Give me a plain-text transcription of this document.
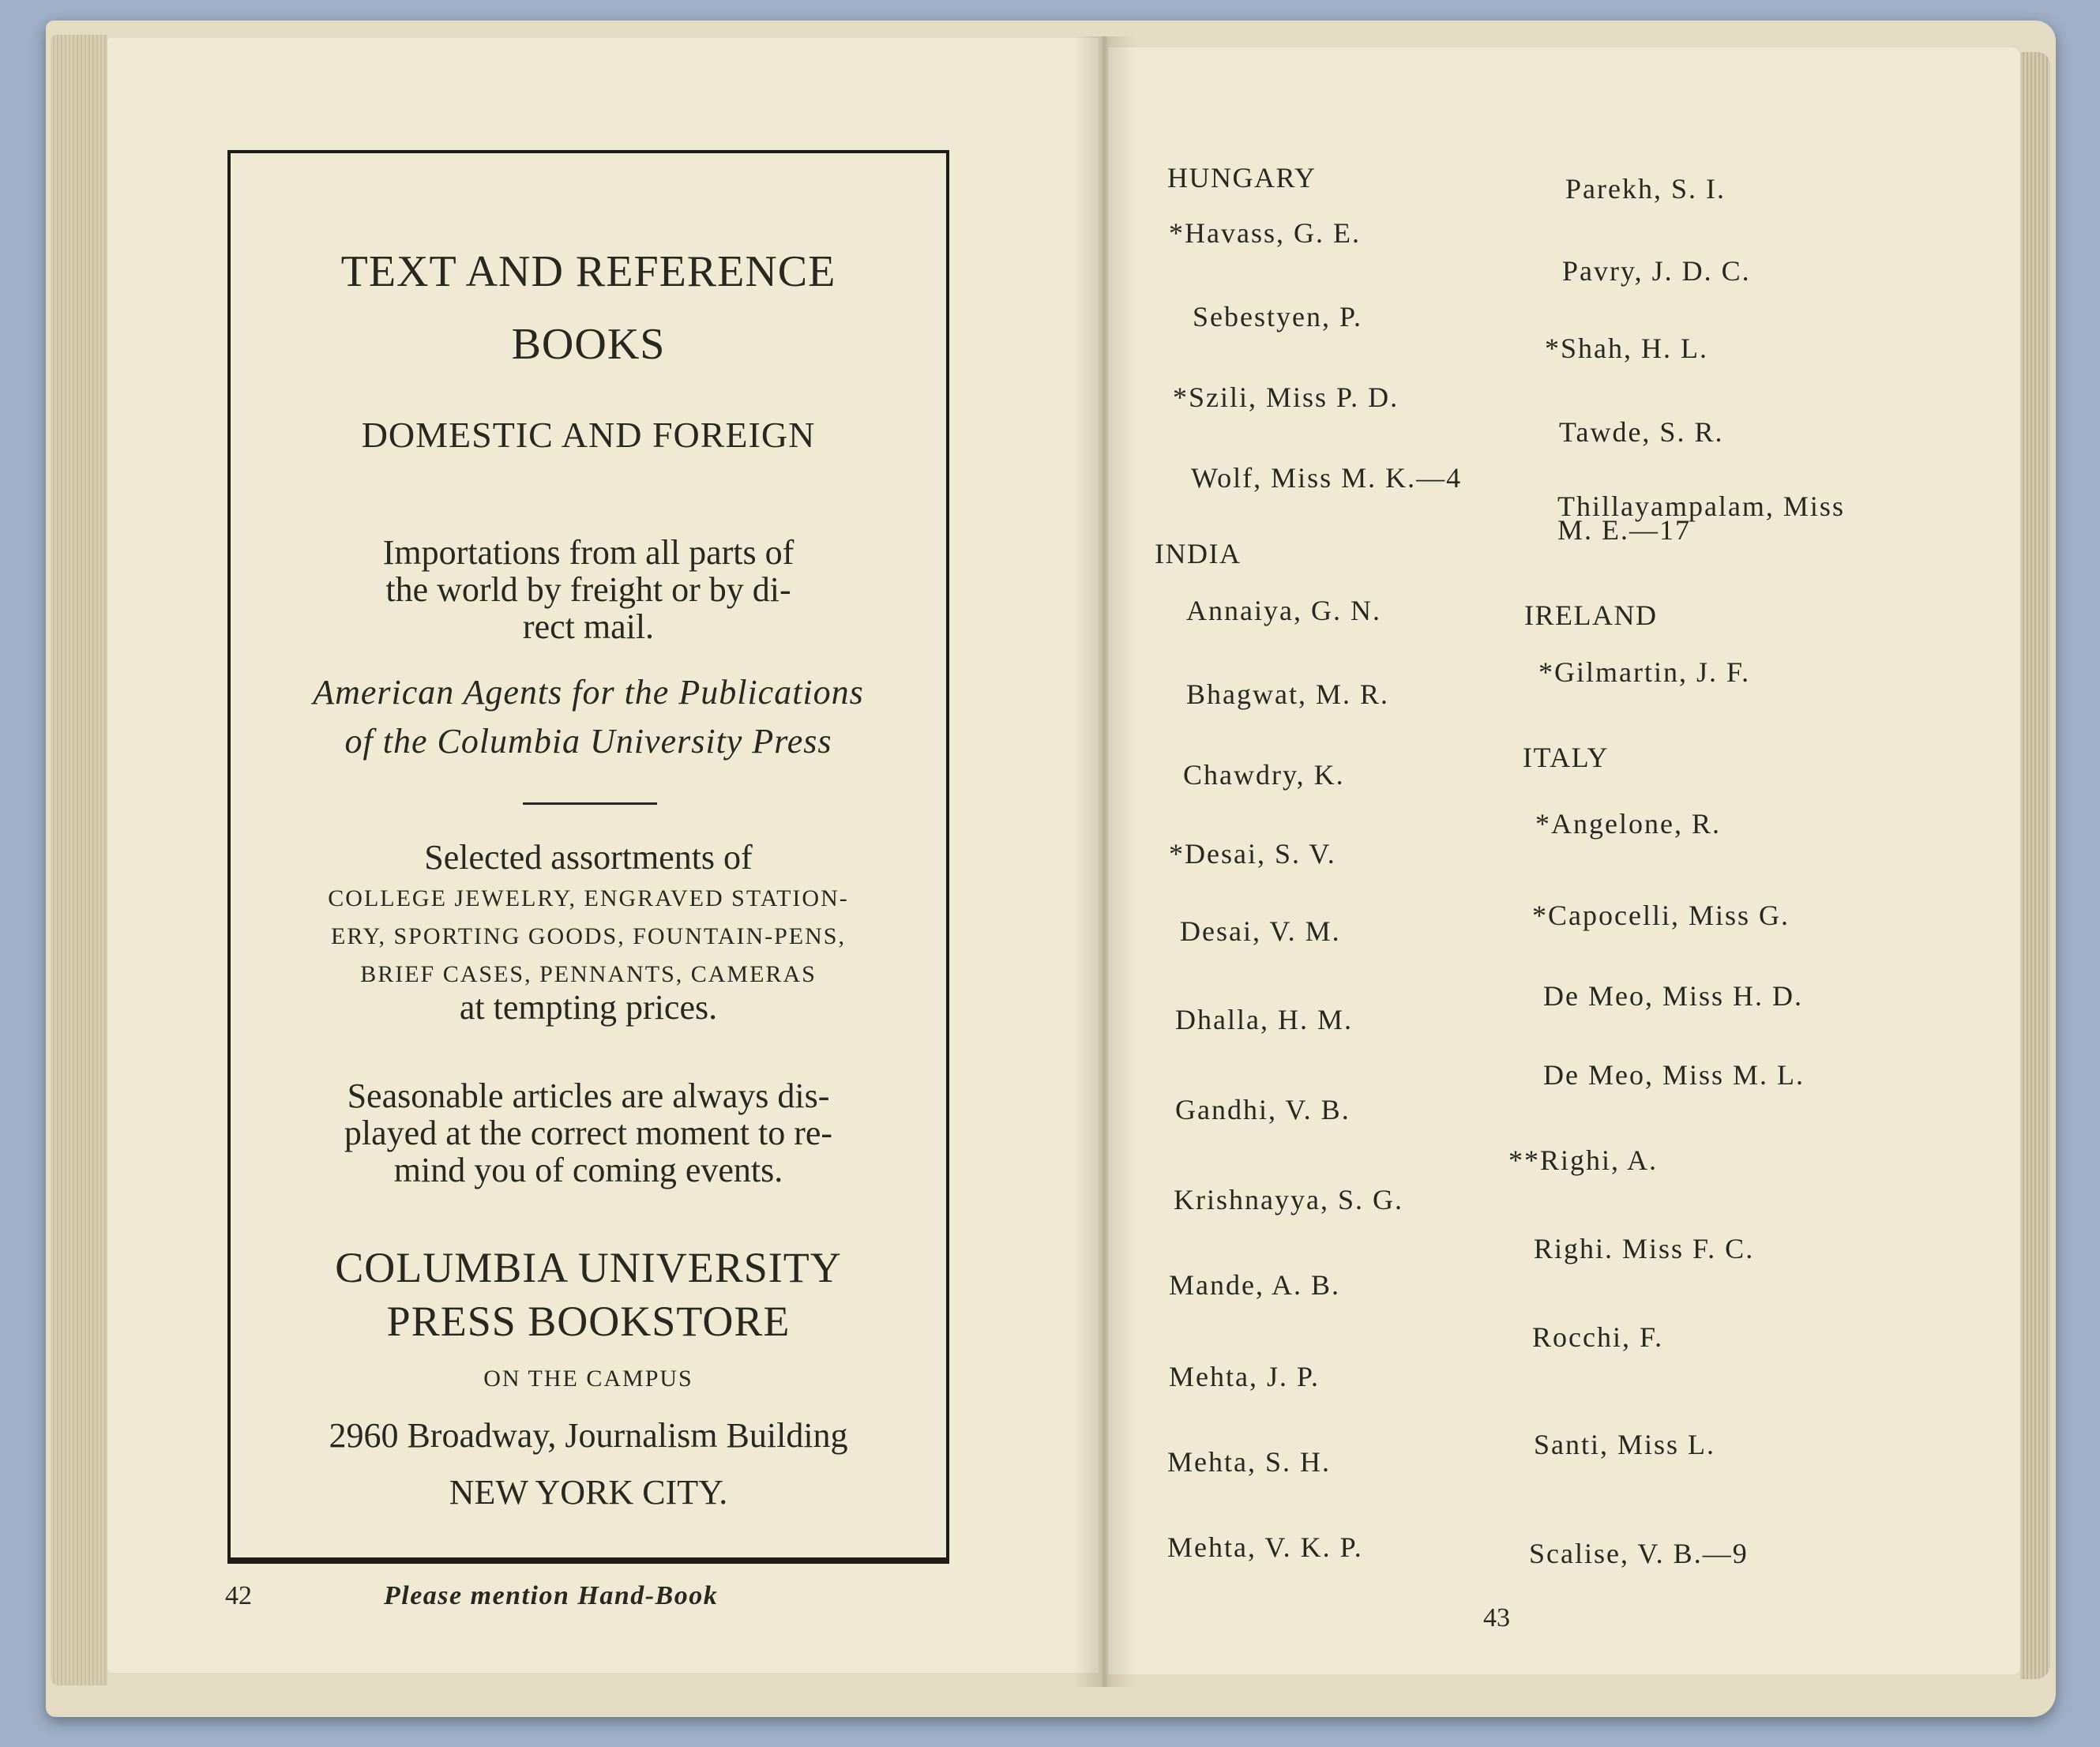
TEXT AND REFERENCE
BOOKS
DOMESTIC AND FOREIGN
Importations from all parts of
the world by freight or by di-
rect mail.
American Agents for the Publications
of the Columbia University Press
Selected assortments of
COLLEGE JEWELRY, ENGRAVED STATION-
ERY, SPORTING GOODS, FOUNTAIN-PENS,
BRIEF CASES, PENNANTS, CAMERAS
at tempting prices.
Seasonable articles are always dis-
played at the correct moment to re-
mind you of coming events.
COLUMBIA UNIVERSITY
PRESS BOOKSTORE
ON THE CAMPUS
2960 Broadway, Journalism Building
NEW YORK CITY.
42	Please mention Hand-Book
HUNGARY
*Havass, G. E.
Sebestyen, P.
*Szili, Miss P. D.
Wolf, Miss M. K.—4
INDIA
Annaiya, G. N.
Bhagwat, M. R.
Chawdry, K.
*Desai, S. V.
Desai, V. M.
Dhalla, H. M.
Gandhi, V. B.
Krishnayya, S. G.
Mande, A. B.
Mehta, J. P.
Mehta, S. H.
Mehta, V. K. P.
Parekh, S. I.
Pavry, J. D. C.
*Shah, H. L.
Tawde, S. R.
Thillayampalam, Miss
M. E.—17
IRELAND
*Gilmartin, J. F.
ITALY
*Angelone, R.
*Capocelli, Miss G.
De Meo, Miss H. D.
De Meo, Miss M. L.
**Righi, A.
Righi. Miss F. C.
Rocchi, F.
Santi, Miss L.
Scalise, V. B.—9
43
